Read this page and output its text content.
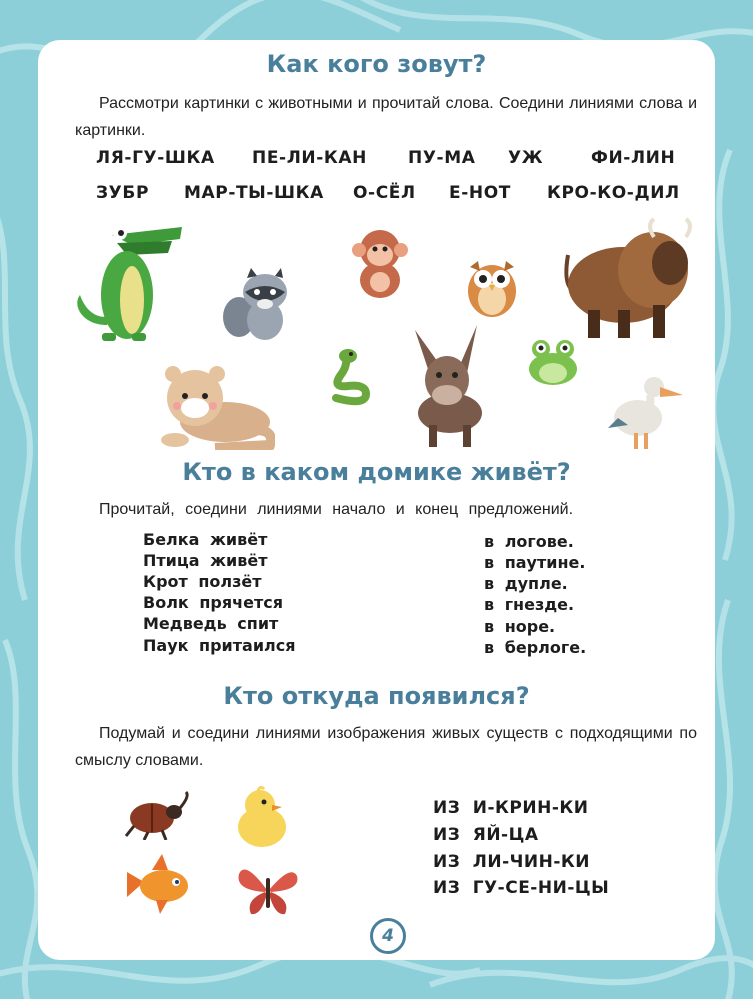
Как кого зовут?
Рассмотри картинки с животными и прочитай слова. Соедини линиями слова и картинки.
ЛЯ-ГУ-ШКА ПЕ-ЛИ-КАН ПУ-МА УЖ	ФИ-ЛИН
ЗУБР МАР-ТЫ-ШКА О-СЁЛ Е-НОТ КРО-КО-ДИЛ
Кто в каком домике живёт?
Прочитай, соедини линиями начало и конец предложений.
Белка живёт
Птица живёт
Крот ползёт
Волк прячется
Медведь спит
Паук притаился
в логове.
в паутине.
в дупле.
в гнезде.
в норе.
в берлоге.
Кто откуда появился?
Подумай и соедини линиями изображения живых существ с подходящими по смыслу словами.
ИЗ И-КРИН-КИ
ИЗ ЯЙ-ЦА
ИЗ ЛИ-ЧИН-КИ
ИЗ ГУ-СЕ-НИ-ЦЫ
4
